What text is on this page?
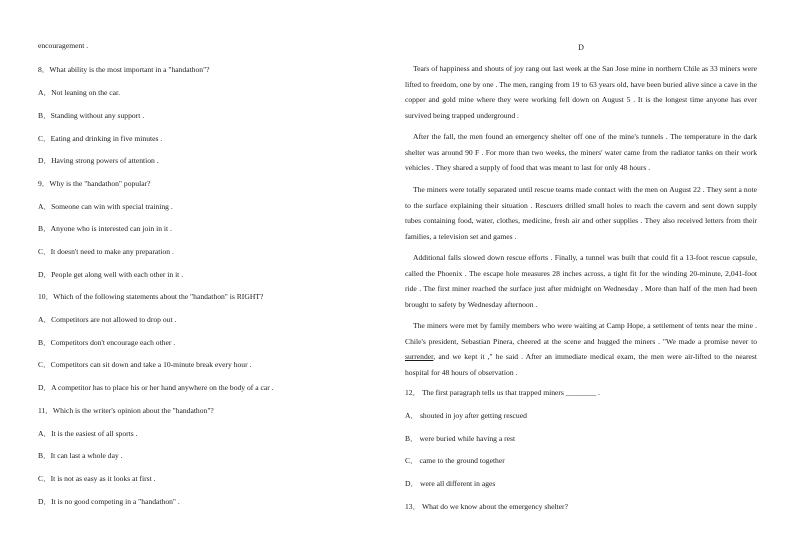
encouragement .
8．What ability is the most important in a "handathon"?
A．Not leaning on the car.
B．Standing without any support .
C．Eating and drinking in five minutes .
D．Having strong powers of attention .
9．Why is the "handathon" popular?
A．Someone can win with special training .
B．Anyone who is interested can join in it .
C．It doesn't need to make any preparation .
D．People get along well with each other in it .
10．Which of the following statements about the "handathon" is RIGHT?
A．Competitors are not allowed to drop out .
B．Competitors don't encourage each other .
C．Competitors can sit down and take a 10-minute break every hour .
D．A competitor has to place his or her hand anywhere on the body of a car .
11．Which is the writer's opinion about the "handathon"?
A．It is the easiest of all sports .
B．It can last a whole day .
C．It is not as easy as it looks at first .
D．It is no good competing in a "handathon" .
D
Tears of happiness and shouts of joy rang out last week at the San Jose mine in northern Chile as 33 miners were lifted to freedom, one by one . The men, ranging from 19 to 63 years old, have been buried alive since a cave in the copper and gold mine where they were working fell down on August 5 . It is the longest time anyone has ever survived being trapped underground .
After the fall, the men found an emergency shelter off one of the mine's tunnels . The temperature in the dark shelter was around 90 F . For more than two weeks, the miners' water came from the radiator tanks on their work vehicles . They shared a supply of food that was meant to last for only 48 hours .
The miners were totally separated until rescue teams made contact with the men on August 22 . They sent a note to the surface explaining their situation . Rescuers drilled small holes to reach the cavern and sent down supply tubes containing food, water, clothes, medicine, fresh air and other supplies . They also received letters from their families, a television set and games .
Additional falls slowed down rescue efforts . Finally, a tunnel was built that could fit a 13-foot rescue capsule, called the Phoenix . The escape hole measures 28 inches across, a tight fit for the winding 20-minute, 2,041-foot ride . The first miner reached the surface just after midnight on Wednesday . More than half of the men had been brought to safety by Wednesday afternoon .
The miners were met by family members who were waiting at Camp Hope, a settlement of tents near the mine . Chile's president, Sebastian Pinera, cheered at the scene and hugged the miners . "We made a promise never to surrender, and we kept it ," he said . After an immediate medical exam, the men were air-lifted to the nearest hospital for 48 hours of observation .
12． The first paragraph tells us that trapped miners ________ .
A． shouted in joy after getting rescued
B． were buried while having a rest
C． came to the ground together
D． were all different in ages
13． What do we know about the emergency shelter?
